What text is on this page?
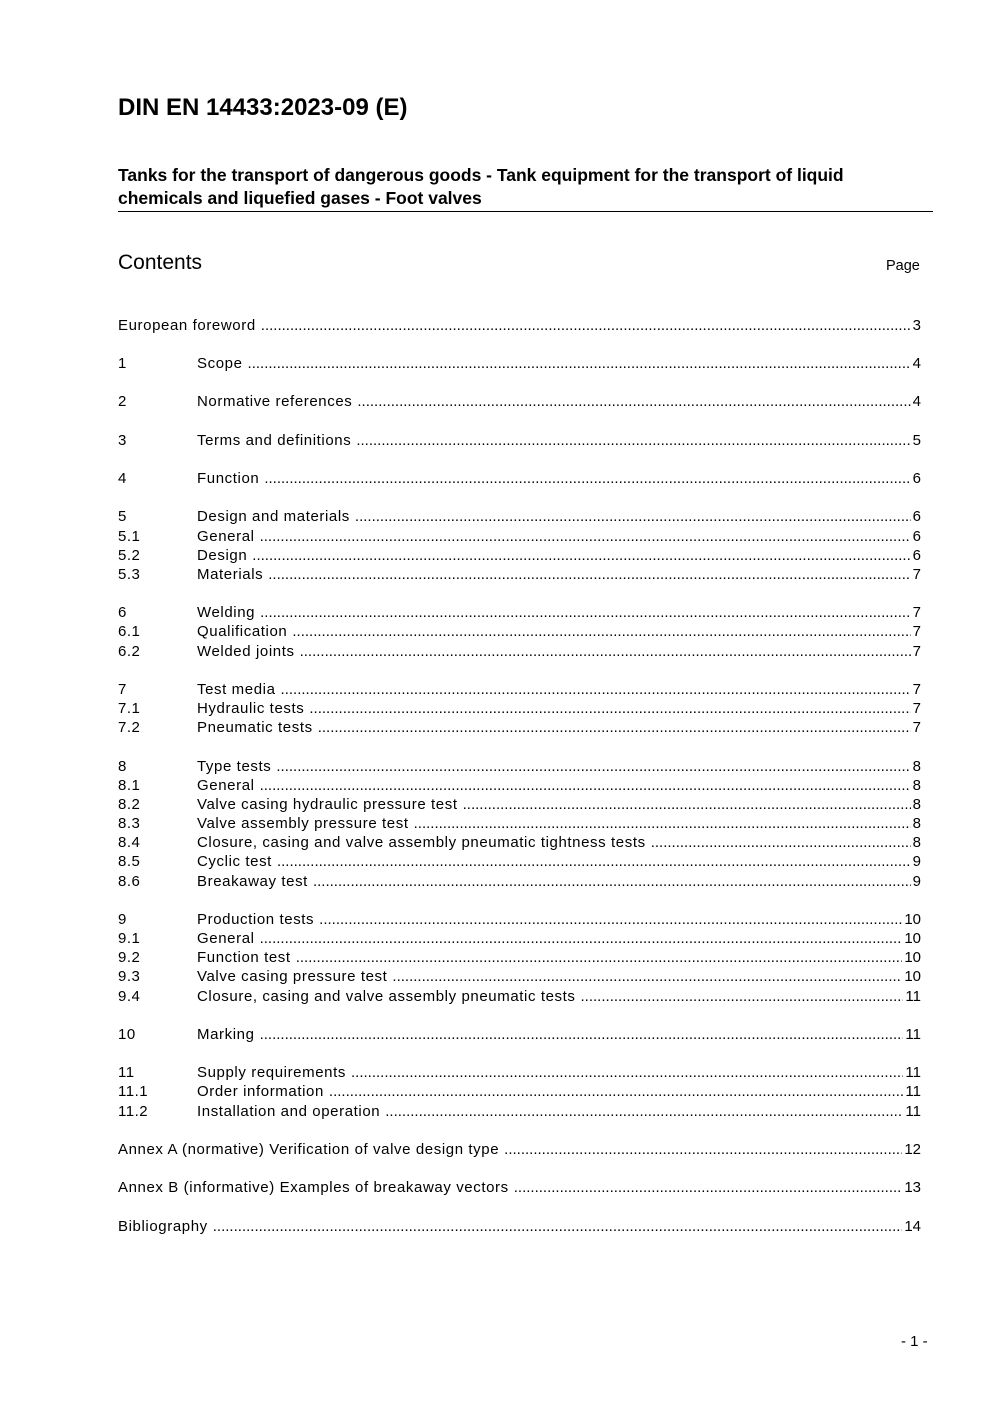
DIN EN 14433:2023-09 (E)
Tanks for the transport of dangerous goods - Tank equipment for the transport of liquid chemicals and liquefied gases - Foot valves
Contents	Page
European foreword .....	3
1	Scope .....	4
2	Normative references .....	4
3	Terms and definitions .....	5
4	Function .....	6
5	Design and materials .....	6
5.1	General .....	6
5.2	Design .....	6
5.3	Materials .....	7
6	Welding .....	7
6.1	Qualification .....	7
6.2	Welded joints .....	7
7	Test media .....	7
7.1	Hydraulic tests .....	7
7.2	Pneumatic tests .....	7
8	Type tests .....	8
8.1	General .....	8
8.2	Valve casing hydraulic pressure test .....	8
8.3	Valve assembly pressure test .....	8
8.4	Closure, casing and valve assembly pneumatic tightness tests .....	8
8.5	Cyclic test .....	9
8.6	Breakaway test .....	9
9	Production tests .....	10
9.1	General .....	10
9.2	Function test .....	10
9.3	Valve casing pressure test .....	10
9.4	Closure, casing and valve assembly pneumatic tests .....	11
10	Marking .....	11
11	Supply requirements .....	11
11.1	Order information .....	11
11.2	Installation and operation .....	11
Annex A (normative) Verification of valve design type .....	12
Annex B (informative) Examples of breakaway vectors .....	13
Bibliography .....	14
- 1 -
